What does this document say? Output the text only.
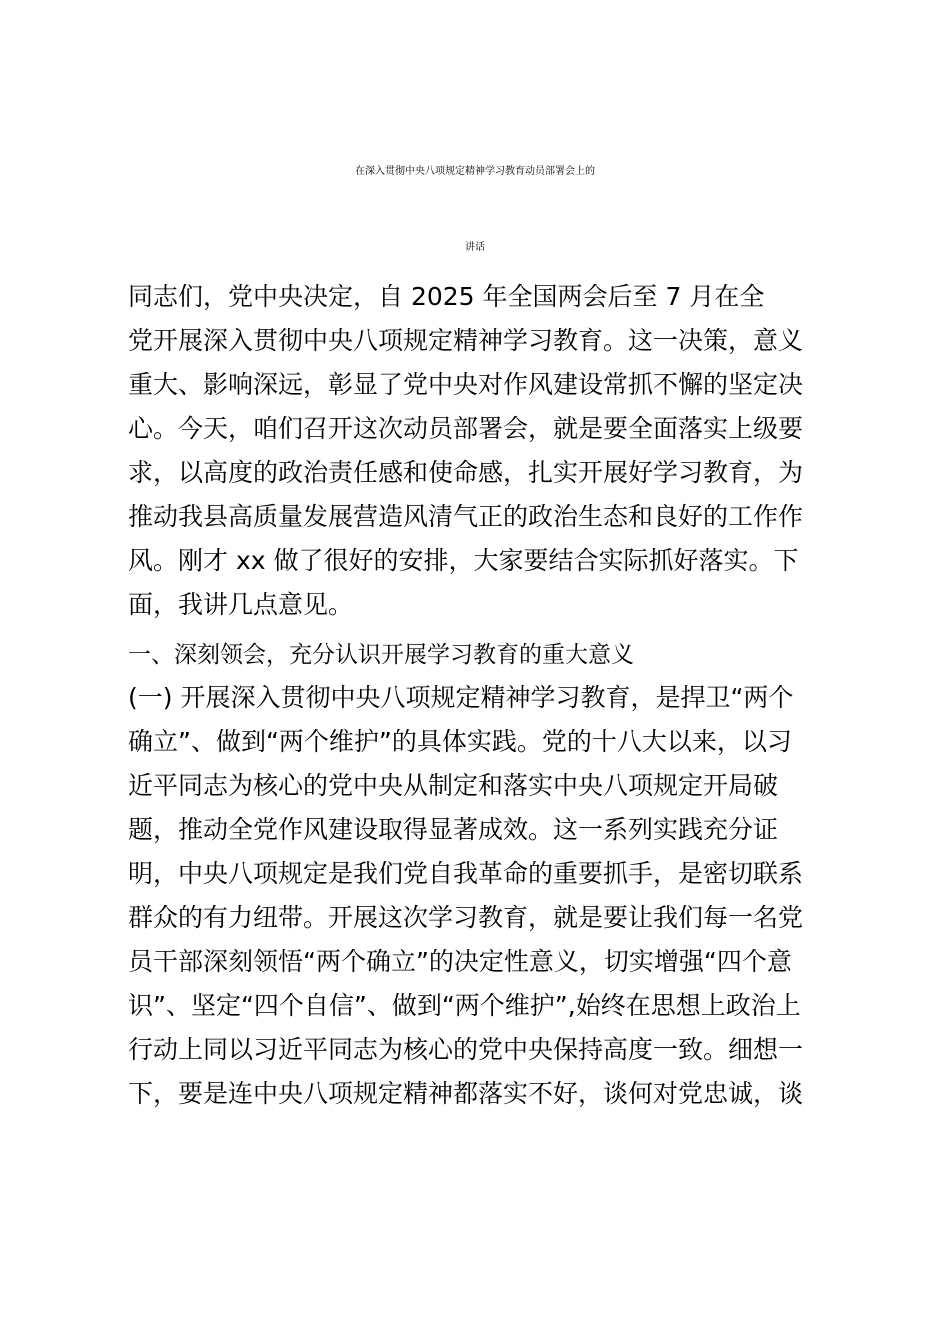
在深入贯彻中央八项规定精神学习教育动员部署会上的
讲话
同志们，党中央决定，自 2025 年全国两会后至 7 月在全
党开展深入贯彻中央八项规定精神学习教育。这一决策，意义
重大、影响深远，彰显了党中央对作风建设常抓不懈的坚定决
心。今天，咱们召开这次动员部署会，就是要全面落实上级要
求，以高度的政治责任感和使命感，扎实开展好学习教育，为
推动我县高质量发展营造风清气正的政治生态和良好的工作作
风。刚才 xx 做了很好的安排，大家要结合实际抓好落实。下
面，我讲几点意见。
一、深刻领会，充分认识开展学习教育的重大意义
(一) 开展深入贯彻中央八项规定精神学习教育，是捍卫“两个
确立”、做到“两个维护”的具体实践。党的十八大以来，以习
近平同志为核心的党中央从制定和落实中央八项规定开局破
题，推动全党作风建设取得显著成效。这一系列实践充分证
明，中央八项规定是我们党自我革命的重要抓手，是密切联系
群众的有力纽带。开展这次学习教育，就是要让我们每一名党
员干部深刻领悟“两个确立”的决定性意义，切实增强“四个意
识”、坚定“四个自信”、做到“两个维护”,始终在思想上政治上
行动上同以习近平同志为核心的党中央保持高度一致。细想一
下，要是连中央八项规定精神都落实不好，谈何对党忠诚，谈
